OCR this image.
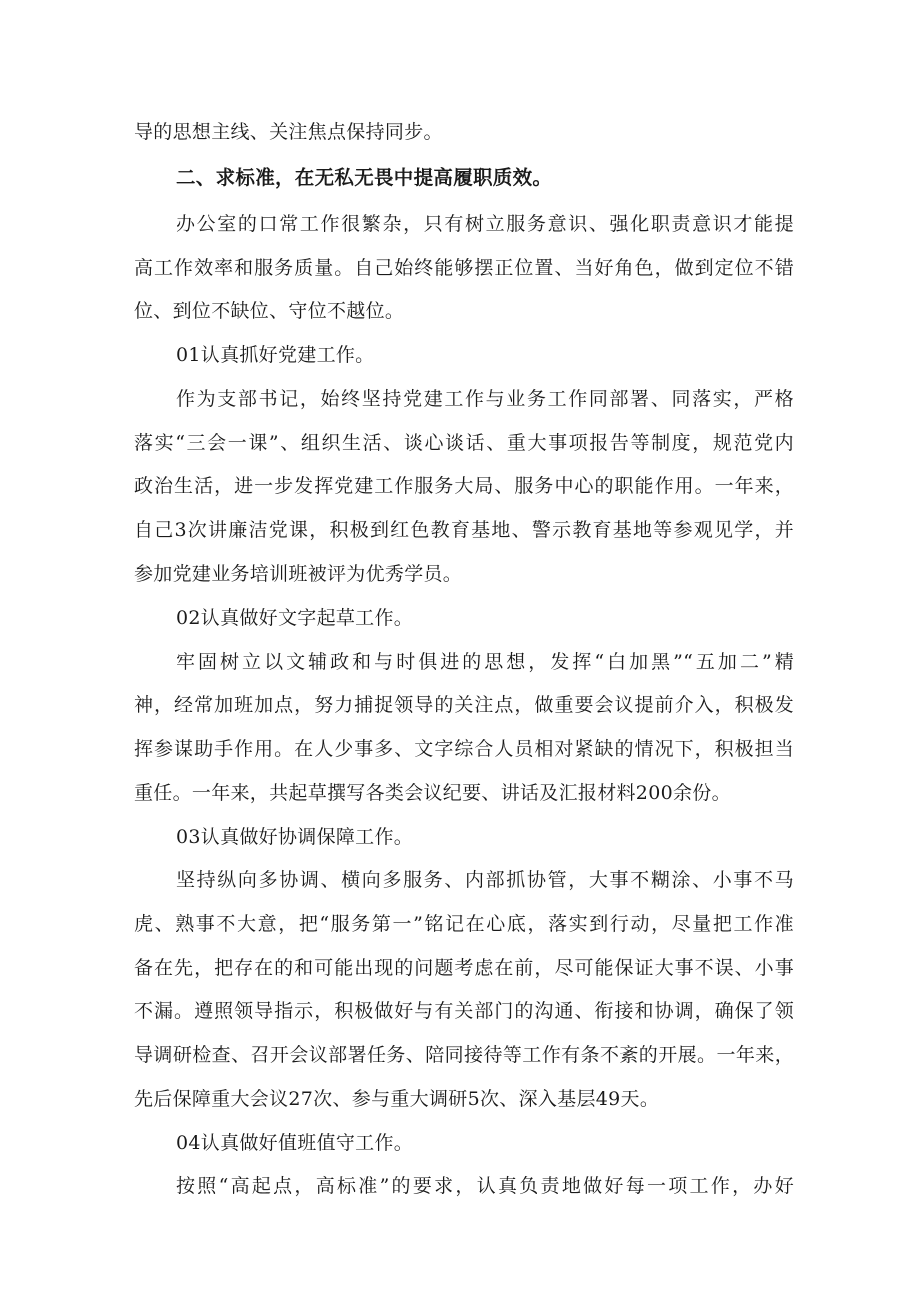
导的思想主线、关注焦点保持同步。
二、求标准，在无私无畏中提高履职质效。
办公室的口常工作很繁杂，只有树立服务意识、强化职责意识才能提
高工作效率和服务质量。自己始终能够摆正位置、当好角色，做到定位不错
位、到位不缺位、守位不越位。
01认真抓好党建工作。
作为支部书记，始终坚持党建工作与业务工作同部署、同落实，严格
落实“三会一课”、组织生活、谈心谈话、重大事项报告等制度，规范党内
政治生活，进一步发挥党建工作服务大局、服务中心的职能作用。一年来，
自己3次讲廉洁党课，积极到红色教育基地、警示教育基地等参观见学，并
参加党建业务培训班被评为优秀学员。
02认真做好文字起草工作。
牢固树立以文辅政和与时俱进的思想，发挥“白加黑”“五加二”精
神，经常加班加点，努力捕捉领导的关注点，做重要会议提前介入，积极发
挥参谋助手作用。在人少事多、文字综合人员相对紧缺的情况下，积极担当
重任。一年来，共起草撰写各类会议纪要、讲话及汇报材料200余份。
03认真做好协调保障工作。
坚持纵向多协调、横向多服务、内部抓协管，大事不糊涂、小事不马
虎、熟事不大意，把“服务第一”铭记在心底，落实到行动，尽量把工作准
备在先，把存在的和可能出现的问题考虑在前，尽可能保证大事不误、小事
不漏。遵照领导指示，积极做好与有关部门的沟通、衔接和协调，确保了领
导调研检查、召开会议部署任务、陪同接待等工作有条不紊的开展。一年来，
先后保障重大会议27次、参与重大调研5次、深入基层49天。
04认真做好值班值守工作。
按照“高起点，高标准”的要求，认真负责地做好每一项工作，办好
